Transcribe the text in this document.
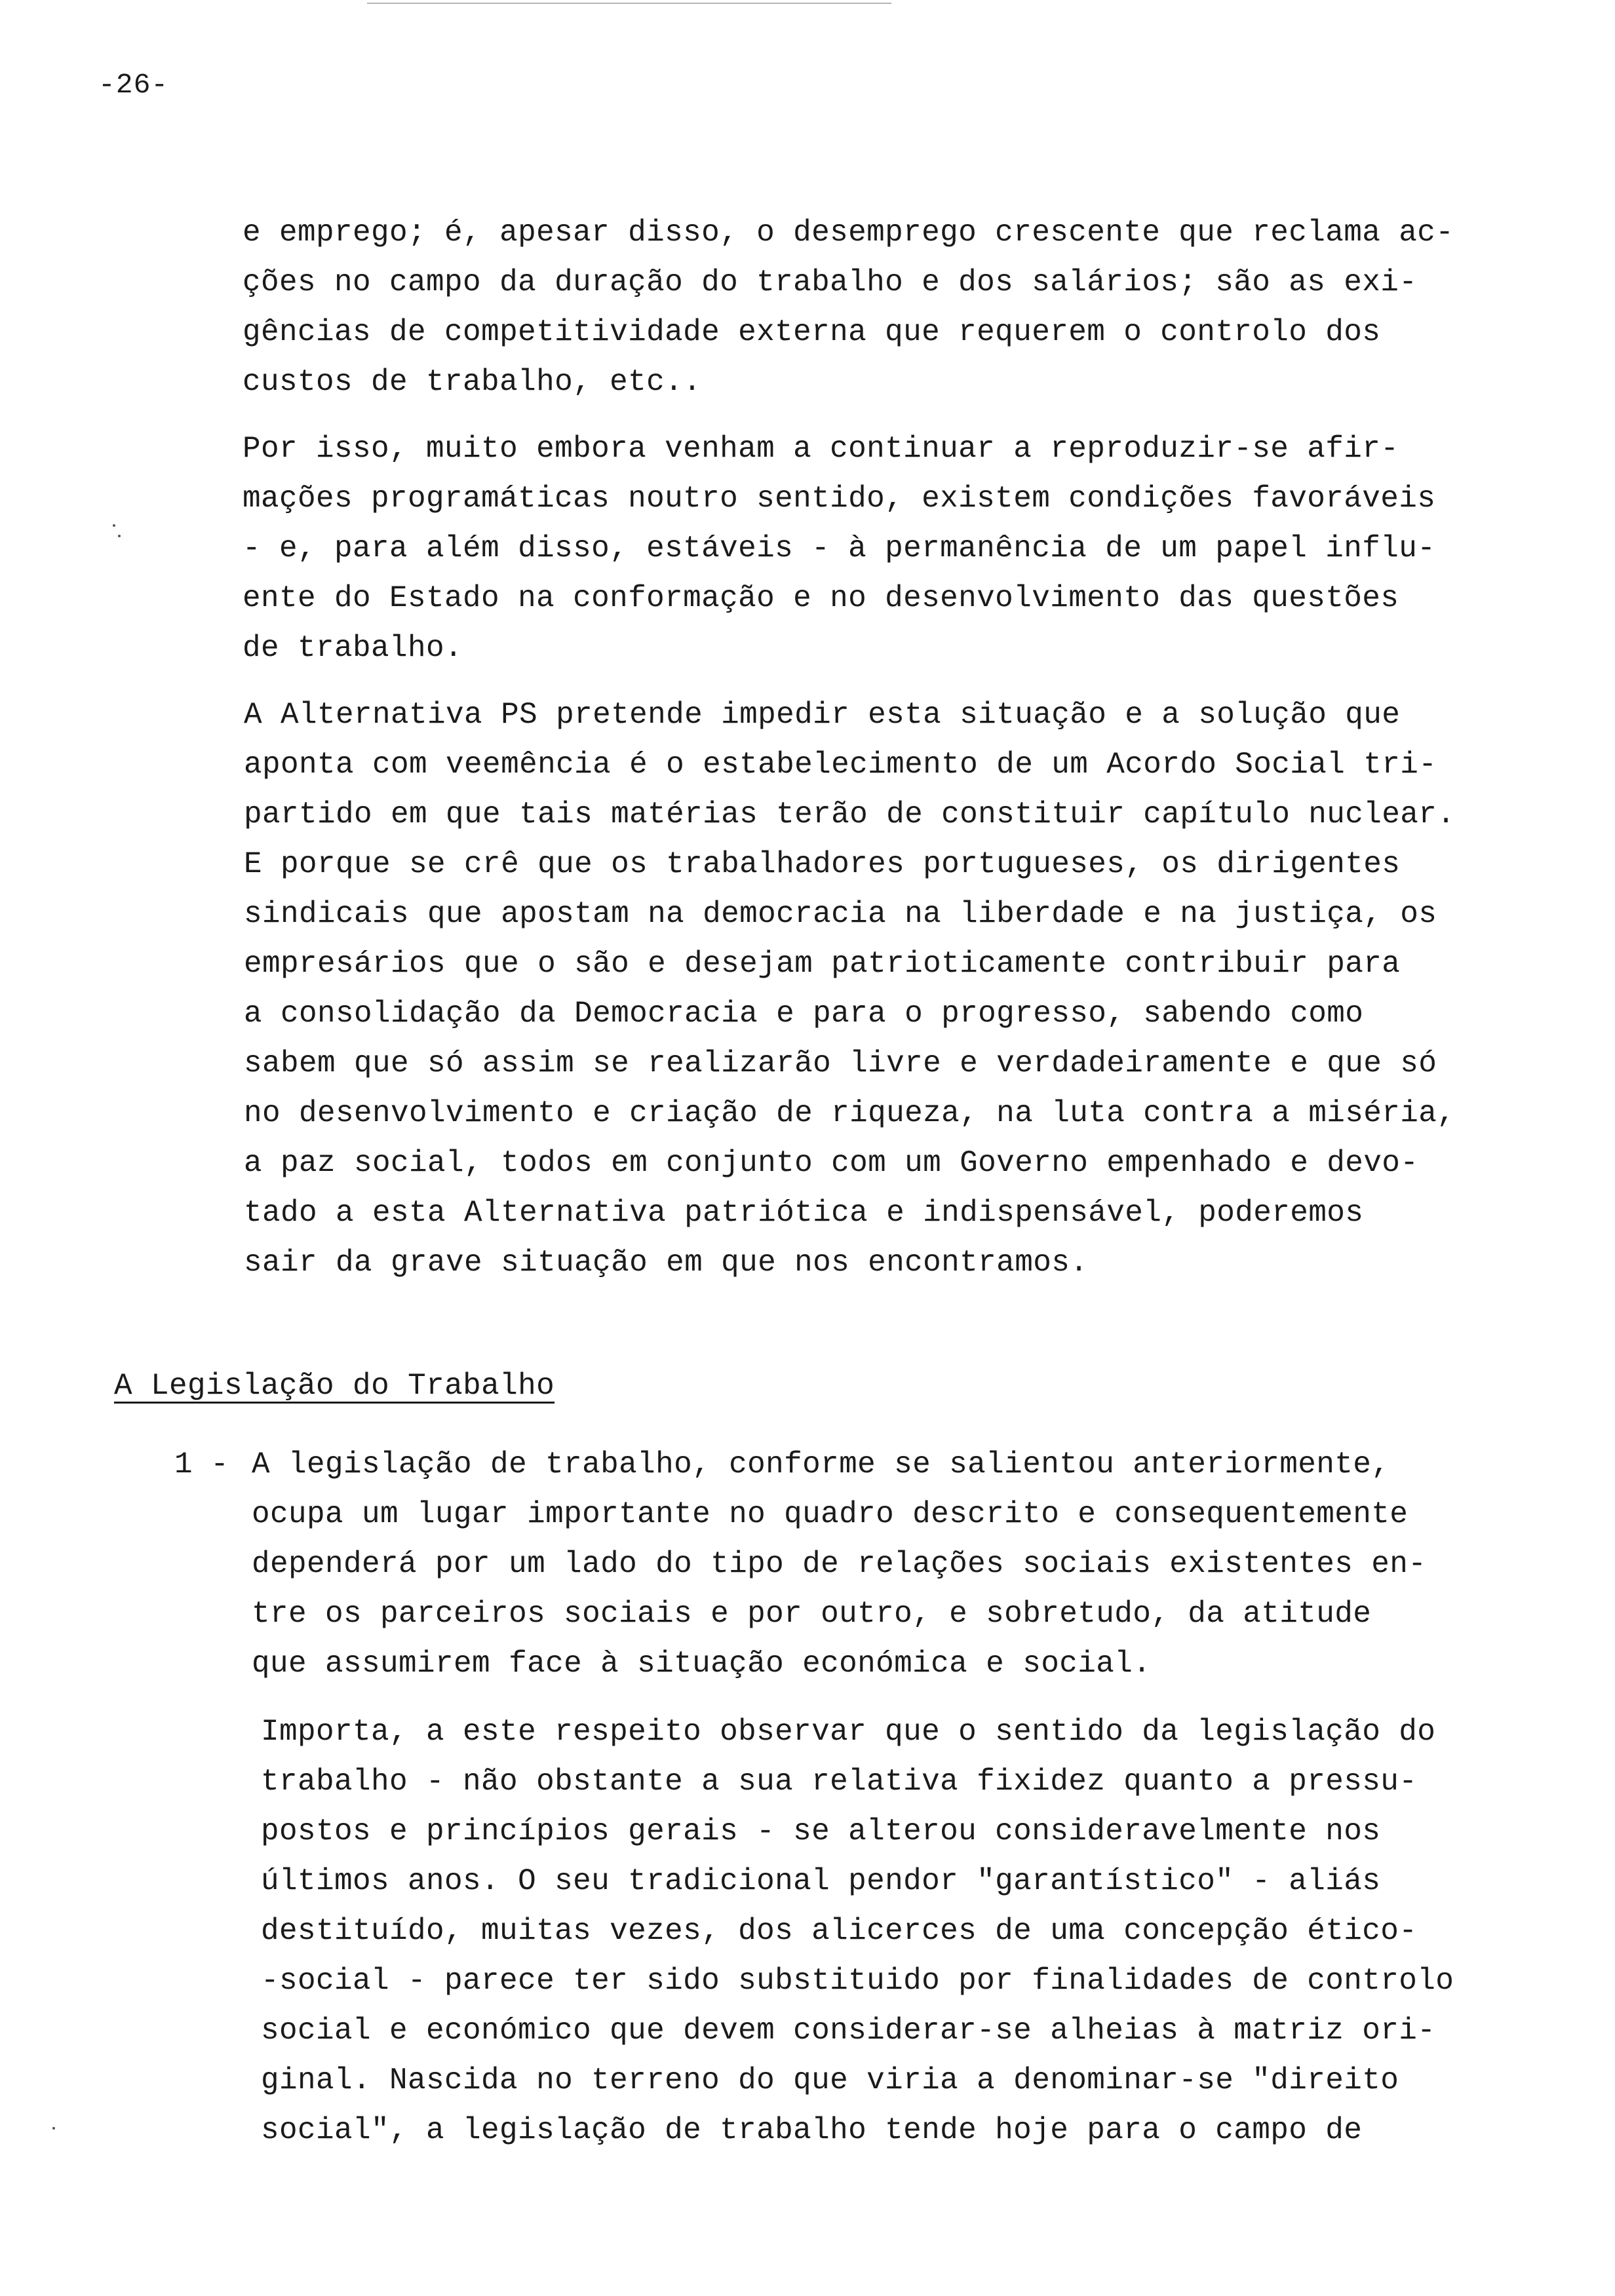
-26-
e emprego; é, apesar disso, o desemprego crescente que reclama ac-
ções no campo da duração do trabalho e dos salários; são as exi-
gências de competitividade externa que requerem o controlo dos
custos de trabalho, etc..
Por isso, muito embora venham a continuar a reproduzir-se afir-
mações programáticas noutro sentido, existem condições favoráveis
- e, para além disso, estáveis - à permanência de um papel influ-
ente do Estado na conformação e no desenvolvimento das questões
de trabalho.
A Alternativa PS pretende impedir esta situação e a solução que
aponta com veemência é o estabelecimento de um Acordo Social tri-
partido em que tais matérias terão de constituir capítulo nuclear.
E porque se crê que os trabalhadores portugueses, os dirigentes
sindicais que apostam na democracia na liberdade e na justiça, os
empresários que o são e desejam patrioticamente contribuir para
a consolidação da Democracia e para o progresso, sabendo como
sabem que só assim se realizarão livre e verdadeiramente e que só
no desenvolvimento e criação de riqueza, na luta contra a miséria,
a paz social, todos em conjunto com um Governo empenhado e devo-
tado a esta Alternativa patriótica e indispensável, poderemos
sair da grave situação em que nos encontramos.
A Legislação do Trabalho
1 - A legislação de trabalho, conforme se salientou anteriormente,
ocupa um lugar importante no quadro descrito e consequentemente
dependerá por um lado do tipo de relações sociais existentes en-
tre os parceiros sociais e por outro, e sobretudo, da atitude
que assumirem face à situação económica e social.
Importa, a este respeito observar que o sentido da legislação do
trabalho - não obstante a sua relativa fixidez quanto a pressu-
postos e princípios gerais - se alterou consideravelmente nos
últimos anos. O seu tradicional pendor "garantístico" - aliás
destituído, muitas vezes, dos alicerces de uma concepção ético-
-social - parece ter sido substituido por finalidades de controlo
social e económico que devem considerar-se alheias à matriz ori-
ginal. Nascida no terreno do que viria a denominar-se "direito
social", a legislação de trabalho tende hoje para o campo de
